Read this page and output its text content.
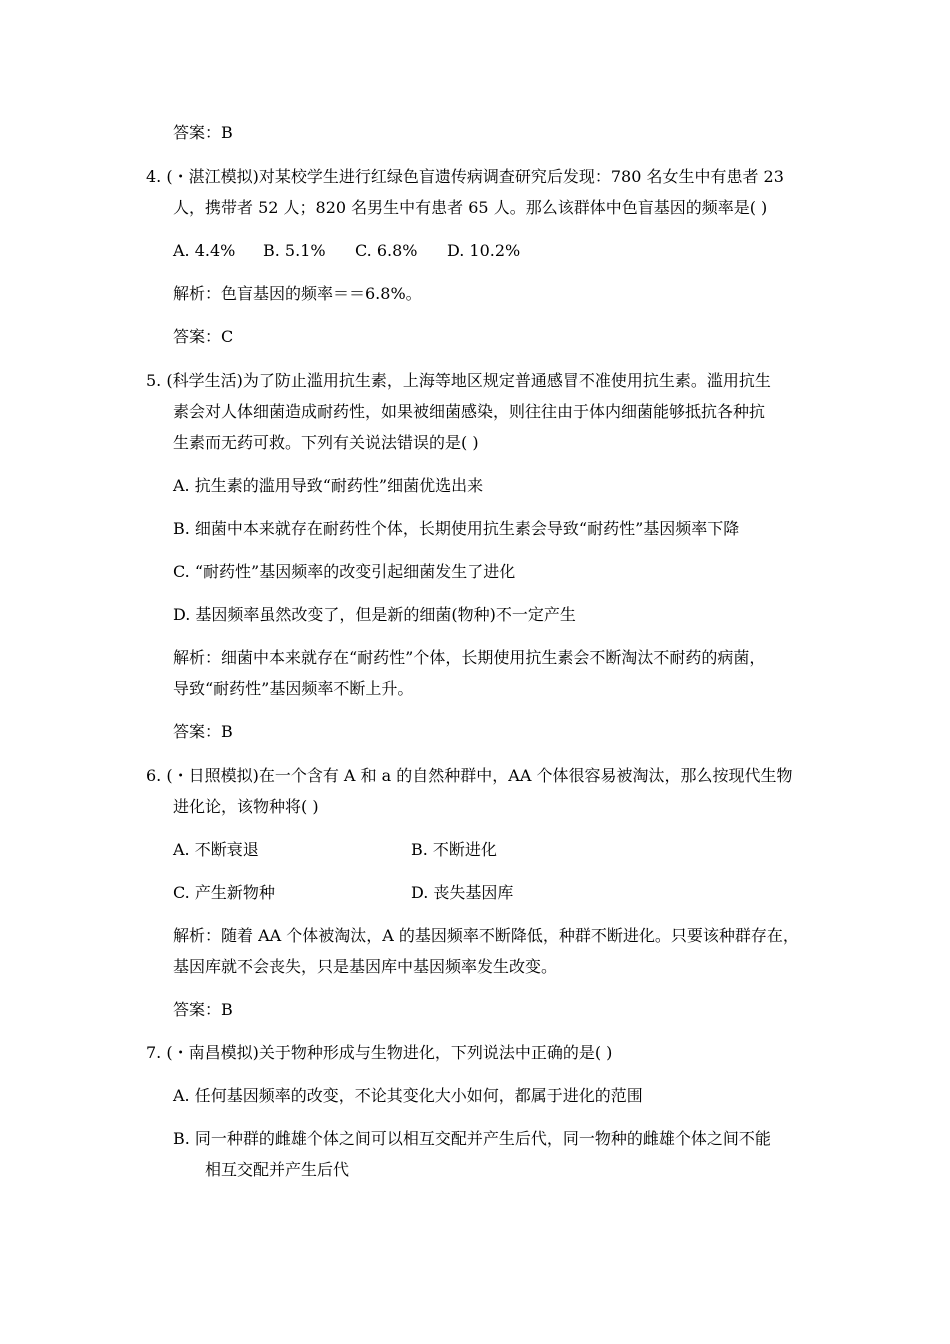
答案：B
4. (・湛江模拟)对某校学生进行红绿色盲遗传病调查研究后发现：780 名女生中有患者 23
人，携带者 52 人；820 名男生中有患者 65 人。那么该群体中色盲基因的频率是( )
A. 4.4% B. 5.1% C. 6.8% D. 10.2%
解析：色盲基因的频率＝＝6.8%。
答案：C
5. (科学生活)为了防止滥用抗生素，上海等地区规定普通感冒不准使用抗生素。滥用抗生
素会对人体细菌造成耐药性，如果被细菌感染，则往往由于体内细菌能够抵抗各种抗
生素而无药可救。下列有关说法错误的是( )
A. 抗生素的滥用导致“耐药性”细菌优选出来
B. 细菌中本来就存在耐药性个体，长期使用抗生素会导致“耐药性”基因频率下降
C. “耐药性”基因频率的改变引起细菌发生了进化
D. 基因频率虽然改变了，但是新的细菌(物种)不一定产生
解析：细菌中本来就存在“耐药性”个体，长期使用抗生素会不断淘汰不耐药的病菌，
导致“耐药性”基因频率不断上升。
答案：B
6. (・日照模拟)在一个含有 A 和 a 的自然种群中，AA 个体很容易被淘汰，那么按现代生物
进化论，该物种将( )
A. 不断衰退	B. 不断进化
C. 产生新物种	D. 丧失基因库
解析：随着 AA 个体被淘汰，A 的基因频率不断降低，种群不断进化。只要该种群存在，
基因库就不会丧失，只是基因库中基因频率发生改变。
答案：B
7. (・南昌模拟)关于物种形成与生物进化，下列说法中正确的是( )
A. 任何基因频率的改变，不论其变化大小如何，都属于进化的范围
B. 同一种群的雌雄个体之间可以相互交配并产生后代，同一物种的雌雄个体之间不能
相互交配并产生后代
